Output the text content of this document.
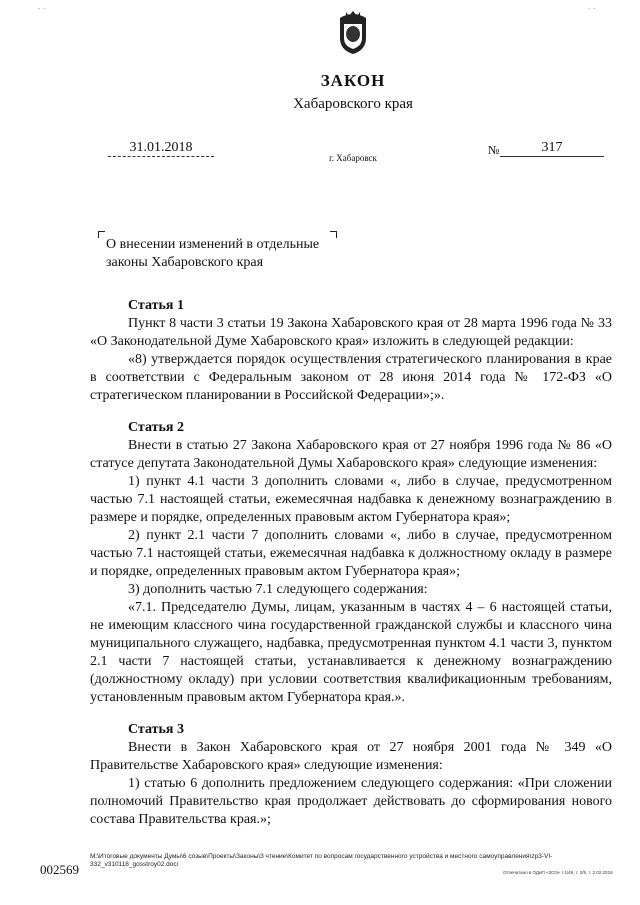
- -	- -
ЗАКОН
Хабаровского края
31.01.2018	№	317
г. Хабаровск
О внесении изменений в отдельные
законы Хабаровского края

Статья 1

Пункт 8 части 3 статьи 19 Закона Хабаровского края от 28 марта 1996 года № 33 «О Законодательной Думе Хабаровского края» изложить в следующей редакции:

«8) утверждается порядок осуществления стратегического планирования в крае в соответствии с Федеральным законом от 28 июня 2014 года № 172-ФЗ «О стратегическом планировании в Российской Федерации»;».

Статья 2

Внести в статью 27 Закона Хабаровского края от 27 ноября 1996 года № 86 «О статусе депутата Законодательной Думы Хабаровского края» следующие изменения:

1) пункт 4.1 части 3 дополнить словами «, либо в случае, предусмотренном частью 7.1 настоящей статьи, ежемесячная надбавка к денежному вознаграждению в размере и порядке, определенных правовым актом Губернатора края»;

2) пункт 2.1 части 7 дополнить словами «, либо в случае, предусмотренном частью 7.1 настоящей статьи, ежемесячная надбавка к должностному окладу в размере и порядке, определенных правовым актом Губернатора края»;

3) дополнить частью 7.1 следующего содержания:

«7.1. Председателю Думы, лицам, указанным в частях 4 – 6 настоящей статьи, не имеющим классного чина государственной гражданской службы и классного чина муниципального служащего, надбавка, предусмотренная пунктом 4.1 части 3, пунктом 2.1 части 7 настоящей статьи, устанавливается к денежному вознаграждению (должностному окладу) при условии соответствия квалификационным требованиям, установленным правовым актом Губернатора края.».

Статья 3

Внести в Закон Хабаровского края от 27 ноября 2001 года № 349 «О Правительстве Хабаровского края» следующие изменения:

1) статью 6 дополнить предложением следующего содержания: «При сложении полномочий Правительство края продолжает действовать до сформирования нового состава Правительства края.»;

002569
М:\Итоговые документы Думы\6 созыв\Проекты\Законы\3 чтение\Комитет по вопросам государственного устройства и местного самоуправления\zp3-VI-332_v310118_gosstroy02.doc/
Отпечатано в ОДиП «ЗОЭ» т.1/49, т. 2/9, т. 2.02.2018
